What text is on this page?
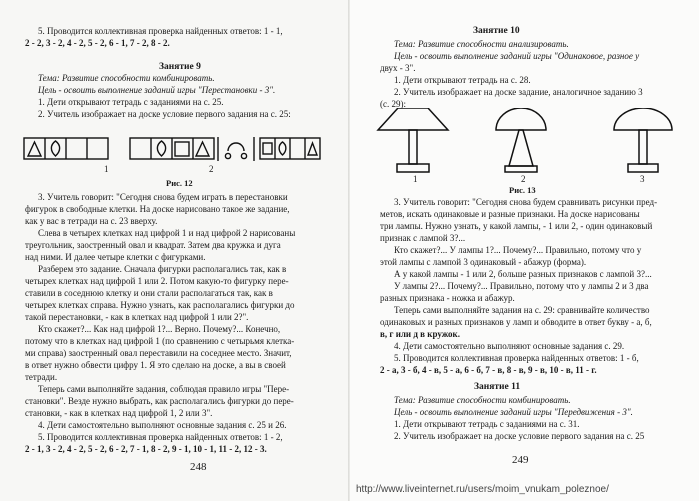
5. Проводится коллективная проверка найденных ответов: 1 - 1,

2 - 2, 3 - 2, 4 - 2, 5 - 2, 6 - 1, 7 - 2, 8 - 2.

Занятие 9

Тема: Развитие способности комбинировать.

Цель - освоить выполнение заданий игры "Перестановки - 3".

1. Дети открывают тетрадь с заданиями на с. 25.

2. Учитель изображает на доске условие первого задания на с. 25:

1	2

Рис. 12

3. Учитель говорит: "Сегодня снова будем играть в перестановки

фигурок в свободные клетки. На доске нарисовано такое же задание,

как у вас в тетради на с. 23 вверху.

Слева в четырех клетках над цифрой 1 и над цифрой 2 нарисованы

треугольник, заостренный овал и квадрат. Затем два кружка и дуга

над ними. И далее четыре клетки с фигурками.

Разберем это задание. Сначала фигурки располагались так, как в

четырех клетках над цифрой 1 или 2. Потом какую-то фигурку пере-

ставили в соседнюю клетку и они стали располагаться так, как в

четырех клетках справа. Нужно узнать, как располагались фигурки до

такой перестановки, - как в клетках над цифрой 1 или 2?".

Кто скажет?... Как над цифрой 1?... Верно. Почему?... Конечно,

потому что в клетках над цифрой 1 (по сравнению с четырьмя клетка-

ми справа) заостренный овал переставили на соседнее место. Значит,

в ответ нужно обвести цифру 1. Я это сделаю на доске, а вы в своей

тетради.

Теперь сами выполняйте задания, соблюдая правило игры "Пере-

становки". Везде нужно выбрать, как располагались фигурки до пере-

становки, - как в клетках над цифрой 1, 2 или 3".

4. Дети самостоятельно выполняют основные задания с. 25 и 26.

5. Проводится коллективная проверка найденных ответов: 1 - 2,

2 - 1, 3 - 2, 4 - 2, 5 - 2, 6 - 2, 7 - 1, 8 - 2, 9 - 1, 10 - 1, 11 - 2, 12 - 3.

248

Занятие 10

Тема: Развитие способности анализировать.

Цель - освоить выполнение заданий игры "Одинаковое, разное у

двух - 3".

1. Дети открывают тетрадь на с. 28.

2. Учитель изображает на доске задание, аналогичное заданию 3

(с. 29):

1	2	3

Рис. 13

3. Учитель говорит: "Сегодня снова будем сравнивать рисунки пред-

метов, искать одинаковые и разные признаки. На доске нарисованы

три лампы. Нужно узнать, у какой лампы, - 1 или 2, - один одинаковый

признак с лампой 3?...

Кто скажет?... У лампы 1?... Почему?... Правильно, потому что у

этой лампы с лампой 3 одинаковый - абажур (форма).

А у какой лампы - 1 или 2, больше разных признаков с лампой 3?...

У лампы 2?... Почему?... Правильно, потому что у лампы 2 и 3 два

разных признака - ножка и абажур.

Теперь сами выполняйте задания на с. 29: сравнивайте количество

одинаковых и разных признаков у ламп и обводите в ответ букву - а, б,

в, г или д в кружок.

4. Дети самостоятельно выполняют основные задания с. 29.

5. Проводится коллективная проверка найденных ответов: 1 - б,

2 - а, 3 - б, 4 - в, 5 - а, 6 - б, 7 - в, 8 - в, 9 - в, 10 - в, 11 - г.

Занятие 11

Тема: Развитие способности комбинировать.

Цель - освоить выполнение заданий игры "Передвижения - 3".

1. Дети открывают тетрадь с заданиями на с. 31.

2. Учитель изображает на доске условие первого задания на с. 25

249

http://www.liveinternet.ru/users/moim_vnukam_poleznoe/
